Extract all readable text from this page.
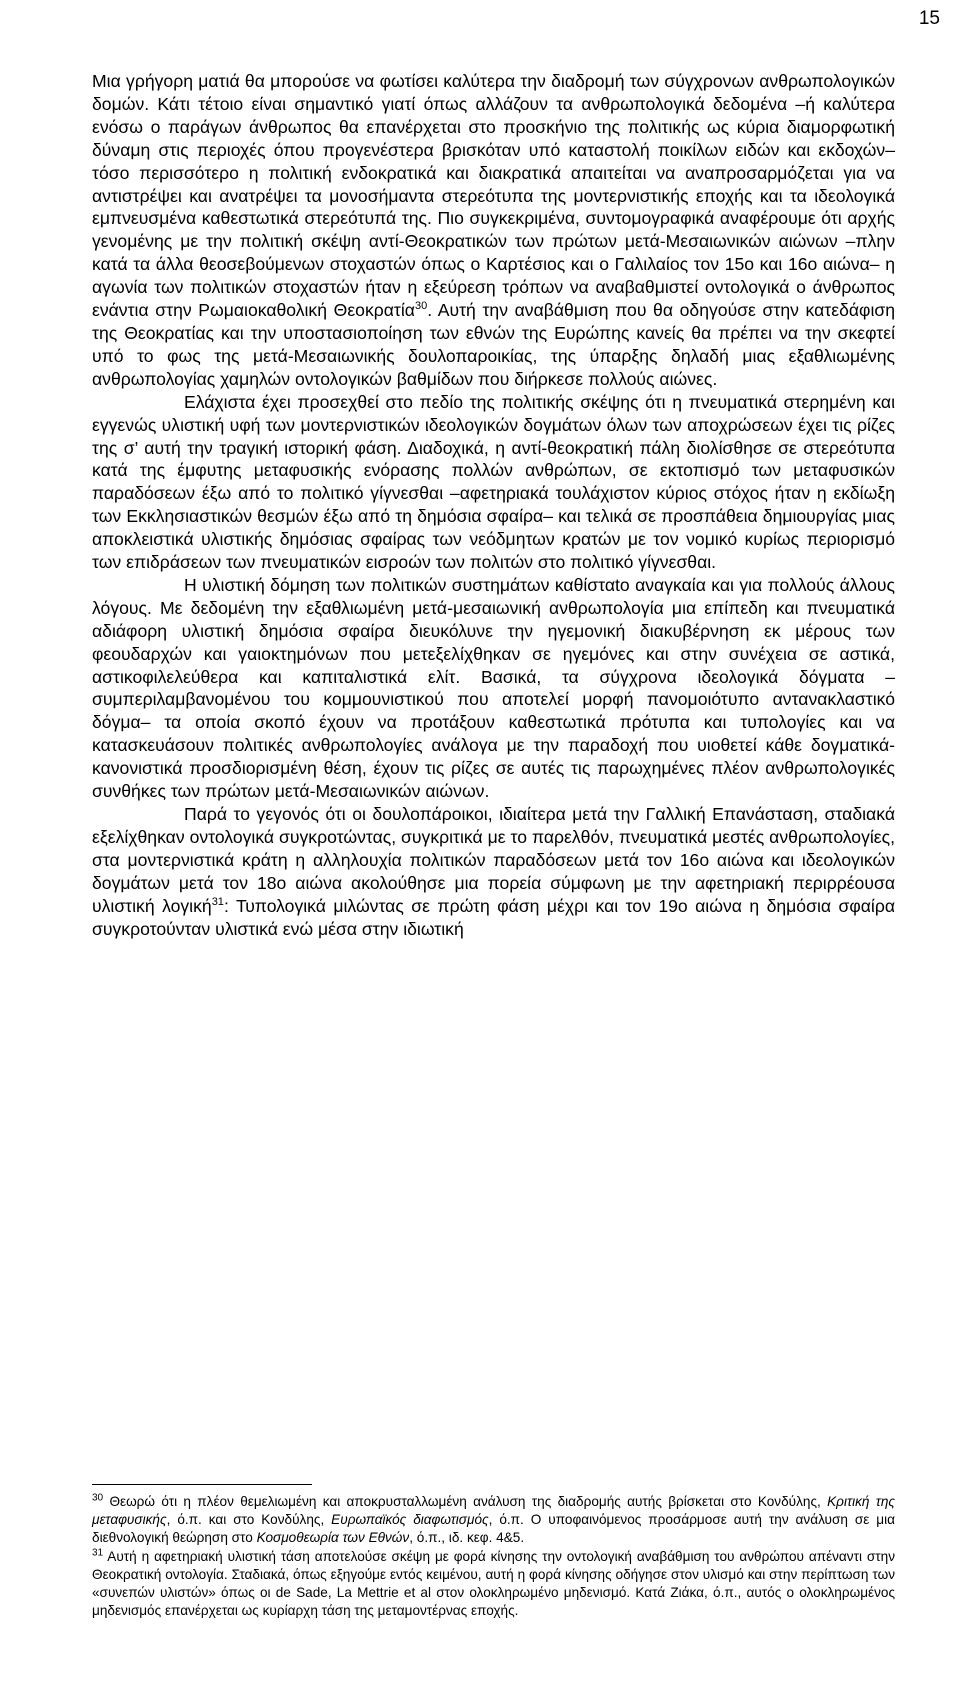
15

Μια γρήγορη ματιά θα μπορούσε να φωτίσει καλύτερα την διαδρομή των σύγχρονων ανθρωπολογικών δομών. Κάτι τέτοιο είναι σημαντικό γιατί όπως αλλάζουν τα ανθρωπολογικά δεδομένα –ή καλύτερα ενόσω ο παράγων άνθρωπος θα επανέρχεται στο προσκήνιο της πολιτικής ως κύρια διαμορφωτική δύναμη στις περιοχές όπου προγενέστερα βρισκόταν υπό καταστολή ποικίλων ειδών και εκδοχών– τόσο περισσότερο η πολιτική ενδοκρατικά και διακρατικά απαιτείται να αναπροσαρμόζεται για να αντιστρέψει και ανατρέψει τα μονοσήμαντα στερεότυπα της μοντερνιστικής εποχής και τα ιδεολογικά εμπνευσμένα καθεστωτικά στερεότυπά της. Πιο συγκεκριμένα, συντομογραφικά αναφέρουμε ότι αρχής γενομένης με την πολιτική σκέψη αντί-Θεοκρατικών των πρώτων μετά-Μεσαιωνικών αιώνων –πλην κατά τα άλλα θεοσεβούμενων στοχαστών όπως ο Καρτέσιος και ο Γαλιλαίος τον 15ο και 16ο αιώνα– η αγωνία των πολιτικών στοχαστών ήταν η εξεύρεση τρόπων να αναβαθμιστεί οντολογικά ο άνθρωπος ενάντια στην Ρωμαιοκαθολική Θεοκρατία$^{30}$. Αυτή την αναβάθμιση που θα οδηγούσε στην κατεδάφιση της Θεοκρατίας και την υποστασιοποίηση των εθνών της Ευρώπης κανείς θα πρέπει να την σκεφτεί υπό το φως της μετά-Μεσαιωνικής δουλοπαροικίας, της ύπαρξης δηλαδή μιας εξαθλιωμένης ανθρωπολογίας χαμηλών οντολογικών βαθμίδων που διήρκεσε πολλούς αιώνες.

Ελάχιστα έχει προσεχθεί στο πεδίο της πολιτικής σκέψης ότι η πνευματικά στερημένη και εγγενώς υλιστική υφή των μοντερνιστικών ιδεολογικών δογμάτων όλων των αποχρώσεων έχει τις ρίζες της σ’ αυτή την τραγική ιστορική φάση. Διαδοχικά, η αντί-θεοκρατική πάλη διολίσθησε σε στερεότυπα κατά της έμφυτης μεταφυσικής ενόρασης πολλών ανθρώπων, σε εκτοπισμό των μεταφυσικών παραδόσεων έξω από το πολιτικό γίγνεσθαι –αφετηριακά τουλάχιστον κύριος στόχος ήταν η εκδίωξη των Εκκλησιαστικών θεσμών έξω από τη δημόσια σφαίρα– και τελικά σε προσπάθεια δημιουργίας μιας αποκλειστικά υλιστικής δημόσιας σφαίρας των νεόδμητων κρατών με τον νομικό κυρίως περιορισμό των επιδράσεων των πνευματικών εισροών των πολιτών στο πολιτικό γίγνεσθαι.

Η υλιστική δόμηση των πολιτικών συστημάτων καθίσταto αναγκαία και για πολλούς άλλους λόγους. Με δεδομένη την εξαθλιωμένη μετά-μεσαιωνική ανθρωπολογία μια επίπεδη και πνευματικά αδιάφορη υλιστική δημόσια σφαίρα διευκόλυνε την ηγεμονική διακυβέρνηση εκ μέρους των φεουδαρχών και γαιοκτημόνων που μετεξελίχθηκαν σε ηγεμόνες και στην συνέχεια σε αστικά, αστικοφιλελεύθερα και καπιταλιστικά ελίτ. Βασικά, τα σύγχρονα ιδεολογικά δόγματα –συμπεριλαμβανομένου του κομμουνιστικού που αποτελεί μορφή πανομοιότυπο αντανακλαστικό δόγμα– τα οποία σκοπό έχουν να προτάξουν καθεστωτικά πρότυπα και τυπολογίες και να κατασκευάσουν πολιτικές ανθρωπολογίες ανάλογα με την παραδοχή που υιοθετεί κάθε δογματικά-κανονιστικά προσδιορισμένη θέση, έχουν τις ρίζες σε αυτές τις παρωχημένες πλέον ανθρωπολογικές συνθήκες των πρώτων μετά-Μεσαιωνικών αιώνων.

Παρά το γεγονός ότι οι δουλοπάροικοι, ιδιαίτερα μετά την Γαλλική Επανάσταση, σταδιακά εξελίχθηκαν οντολογικά συγκροτώντας, συγκριτικά με το παρελθόν, πνευματικά μεστές ανθρωπολογίες, στα μοντερνιστικά κράτη η αλληλουχία πολιτικών παραδόσεων μετά τον 16ο αιώνα και ιδεολογικών δογμάτων μετά τον 18ο αιώνα ακολούθησε μια πορεία σύμφωνη με την αφετηριακή περιρρέουσα υλιστική λογική$^{31}$: Τυπολογικά μιλώντας σε πρώτη φάση μέχρι και τον 19ο αιώνα η δημόσια σφαίρα συγκροτούνταν υλιστικά ενώ μέσα στην ιδιωτική

$^{30}$ Θεωρώ ότι η πλέον θεμελιωμένη και αποκρυσταλλωμένη ανάλυση της διαδρομής αυτής βρίσκεται στο Κονδύλης, Κριτική της μεταφυσικής, ό.π. και στο Κονδύλης, Ευρωπαϊκός διαφωτισμός, ό.π. Ο υποφαινόμενος προσάρμοσε αυτή την ανάλυση σε μια διεθνολογική θεώρηση στο Κοσμοθεωρία των Εθνών, ό.π., ιδ. κεφ. 4&5.

$^{31}$ Αυτή η αφετηριακή υλιστική τάση αποτελούσε σκέψη με φορά κίνησης την οντολογική αναβάθμιση του ανθρώπου απέναντι στην Θεοκρατική οντολογία. Σταδιακά, όπως εξηγούμε εντός κειμένου, αυτή η φορά κίνησης οδήγησε στον υλισμό και στην περίπτωση των «συνεπών υλιστών» όπως οι de Sade, La Mettrie et al στον ολοκληρωμένο μηδενισμό. Κατά Ζιάκα, ό.π., αυτός ο ολοκληρωμένος μηδενισμός επανέρχεται ως κυρίαρχη τάση της μεταμοντέρνας εποχής.
